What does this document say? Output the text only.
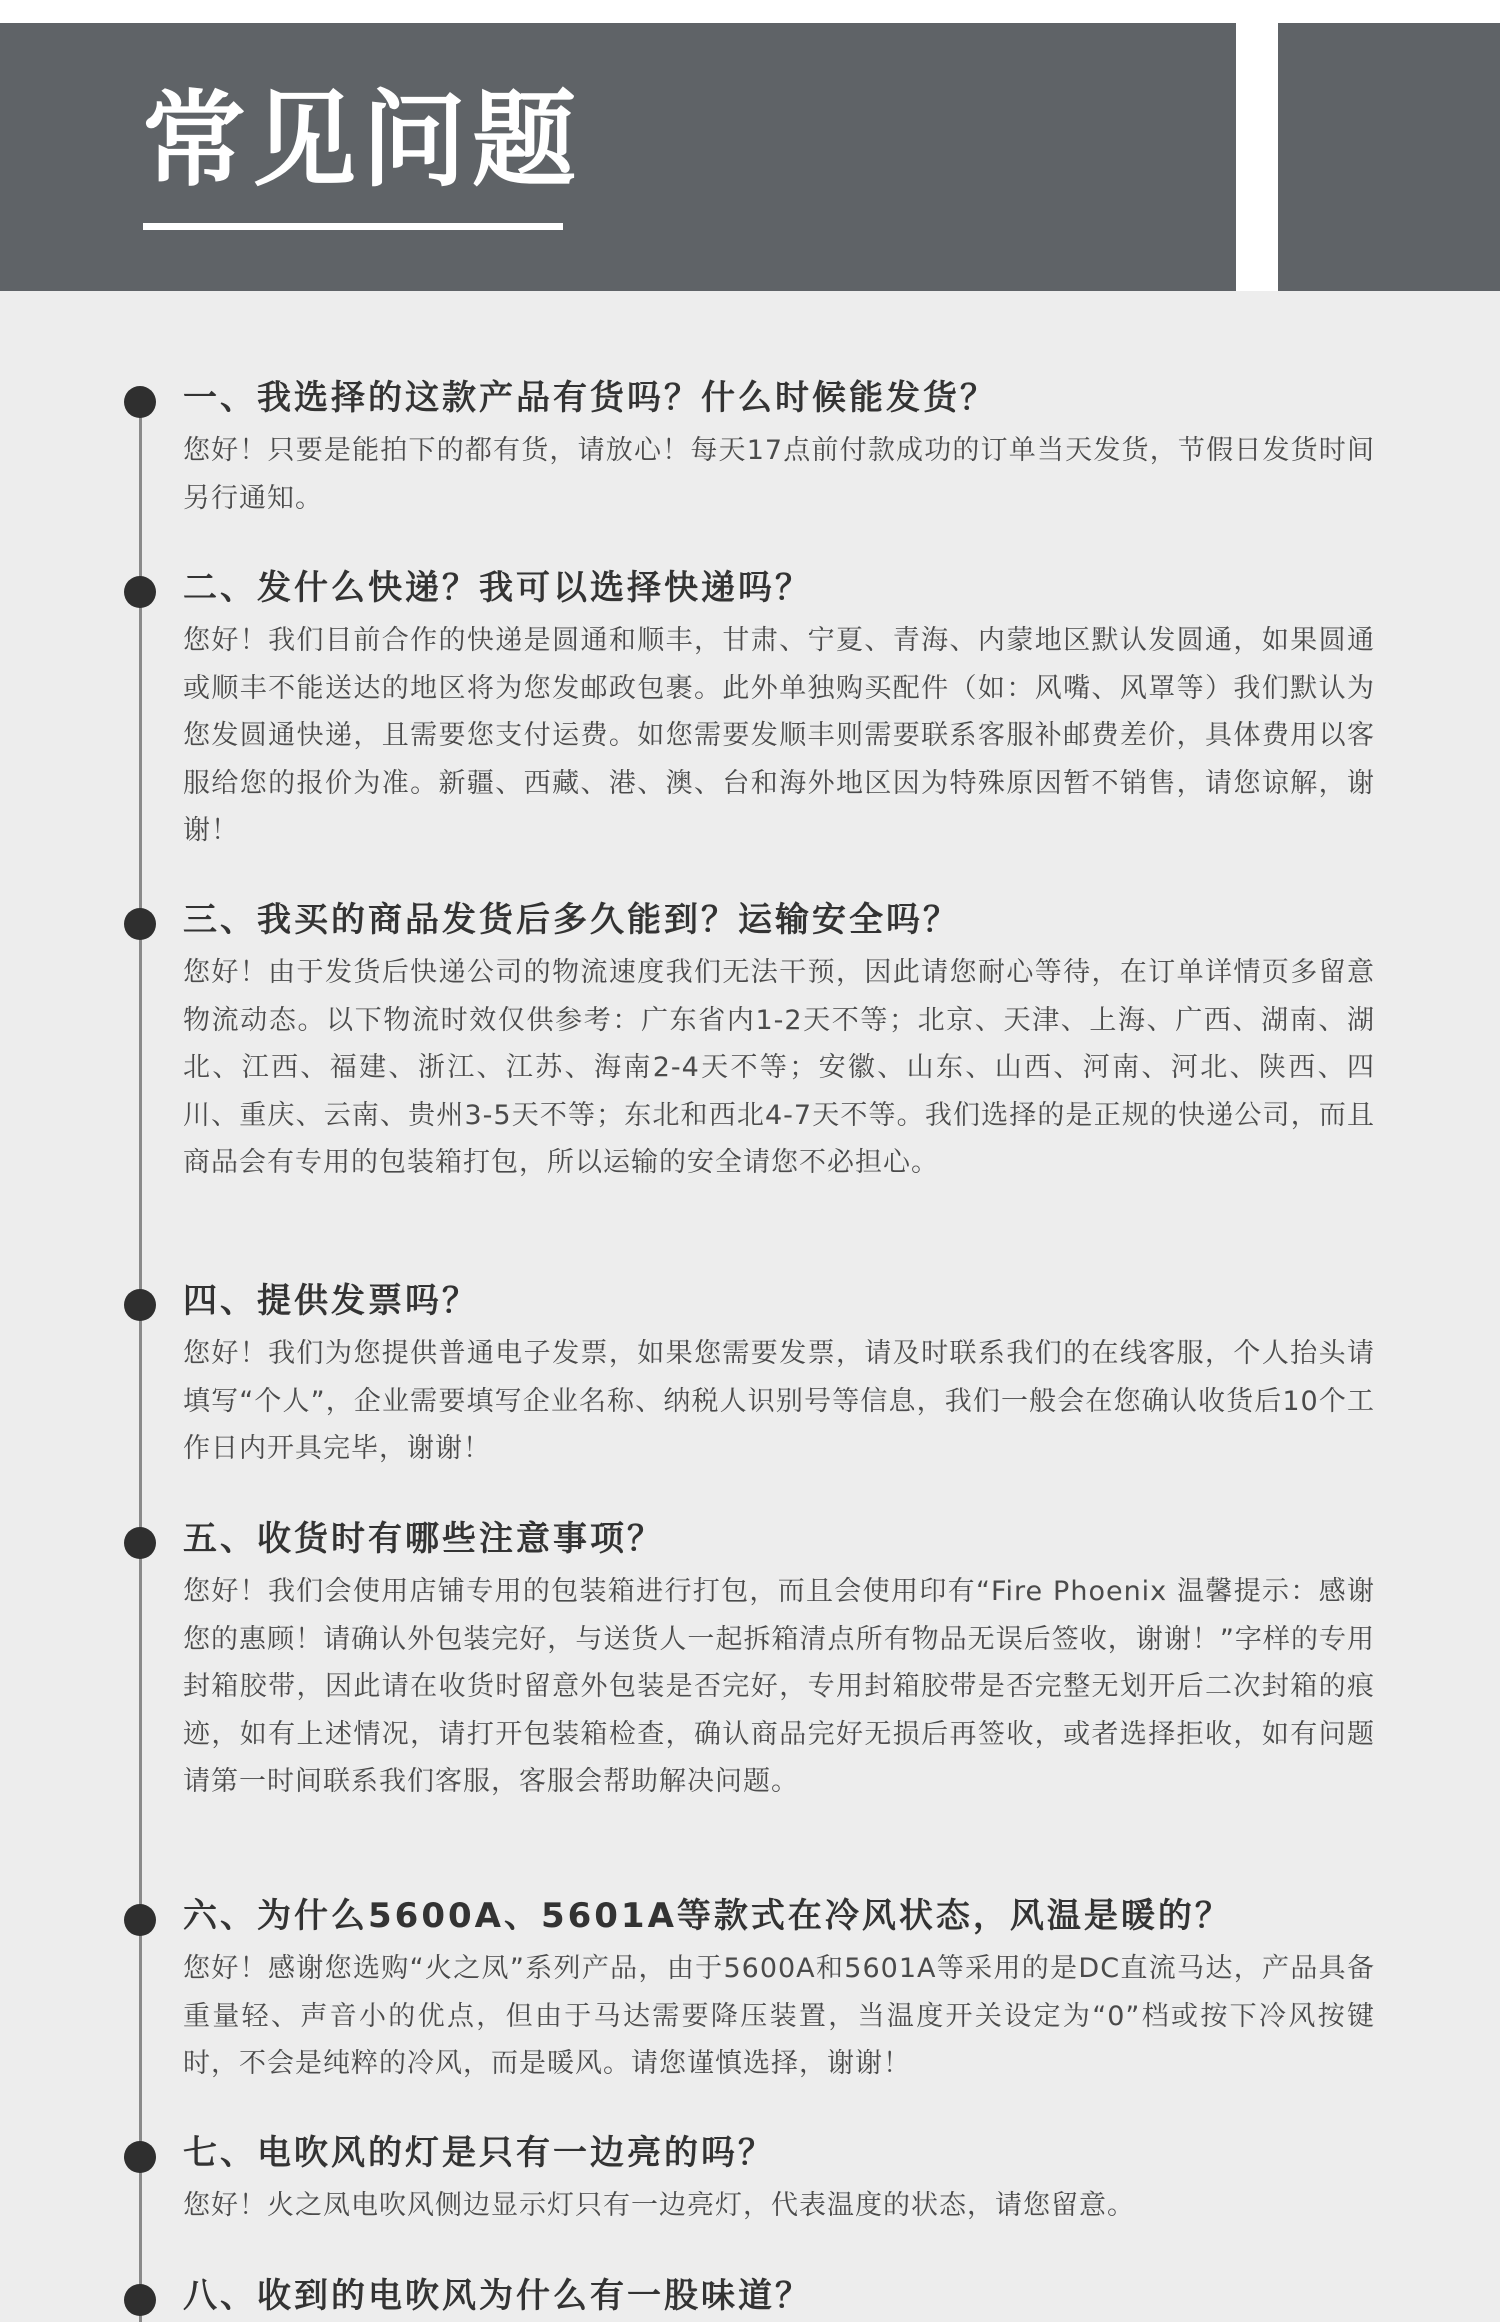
常见问题
一、我选择的这款产品有货吗？什么时候能发货？

您好！只要是能拍下的都有货，请放心！每天17点前付款成功的订单当天发货，节假日发货时间另行通知。

二、发什么快递？我可以选择快递吗？

您好！我们目前合作的快递是圆通和顺丰，甘肃、宁夏、青海、内蒙地区默认发圆通，如果圆通或顺丰不能送达的地区将为您发邮政包裹。此外单独购买配件（如：风嘴、风罩等）我们默认为您发圆通快递，且需要您支付运费。如您需要发顺丰则需要联系客服补邮费差价，具体费用以客服给您的报价为准。新疆、西藏、港、澳、台和海外地区因为特殊原因暂不销售，请您谅解，谢谢！

三、我买的商品发货后多久能到？运输安全吗？

您好！由于发货后快递公司的物流速度我们无法干预，因此请您耐心等待，在订单详情页多留意物流动态。以下物流时效仅供参考：广东省内1-2天不等；北京、天津、上海、广西、湖南、湖北、江西、福建、浙江、江苏、海南2-4天不等；安徽、山东、山西、河南、河北、陕西、四川、重庆、云南、贵州3-5天不等；东北和西北4-7天不等。我们选择的是正规的快递公司，而且商品会有专用的包装箱打包，所以运输的安全请您不必担心。

四、提供发票吗？

您好！我们为您提供普通电子发票，如果您需要发票，请及时联系我们的在线客服，个人抬头请填写“个人”，企业需要填写企业名称、纳税人识别号等信息，我们一般会在您确认收货后10个工作日内开具完毕，谢谢！

五、收货时有哪些注意事项？

您好！我们会使用店铺专用的包装箱进行打包，而且会使用印有“Fire Phoenix 温馨提示：感谢您的惠顾！请确认外包装完好，与送货人一起拆箱清点所有物品无误后签收，谢谢！”字样的专用封箱胶带，因此请在收货时留意外包装是否完好，专用封箱胶带是否完整无划开后二次封箱的痕迹，如有上述情况，请打开包装箱检查，确认商品完好无损后再签收，或者选择拒收，如有问题请第一时间联系我们客服，客服会帮助解决问题。

六、为什么5600A、5601A等款式在冷风状态，风温是暖的？

您好！感谢您选购“火之凤”系列产品，由于5600A和5601A等采用的是DC直流马达，产品具备重量轻、声音小的优点，但由于马达需要降压装置，当温度开关设定为“0”档或按下冷风按键时，不会是纯粹的冷风，而是暖风。请您谨慎选择，谢谢！

七、电吹风的灯是只有一边亮的吗？

您好！火之凤电吹风侧边显示灯只有一边亮灯，代表温度的状态，请您留意。

八、收到的电吹风为什么有一股味道？
